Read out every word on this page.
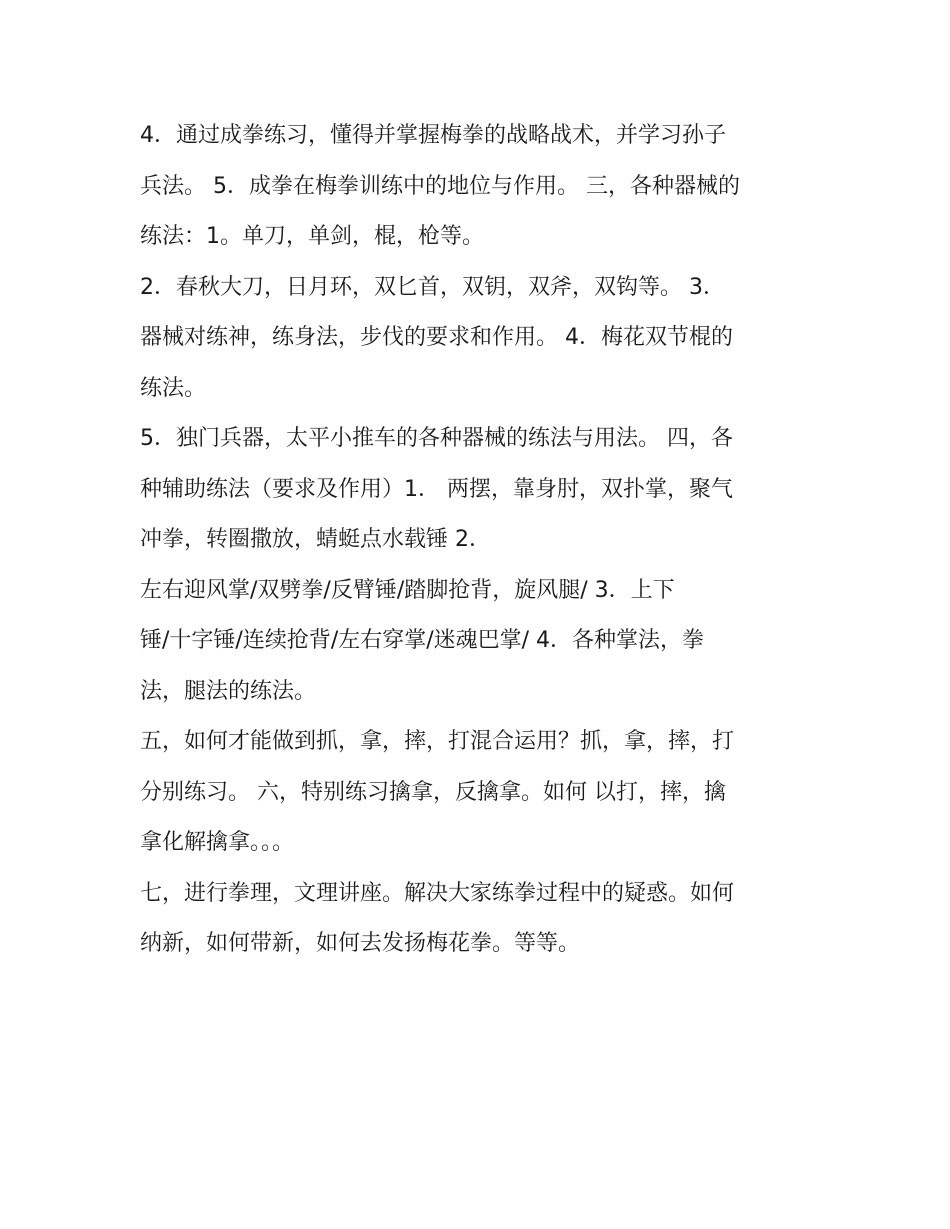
4．通过成拳练习，懂得并掌握梅拳的战略战术，并学习孙子
兵法。 5．成拳在梅拳训练中的地位与作用。 三，各种器械的
练法：1。单刀，单剑，棍，枪等。
2．春秋大刀，日月环，双匕首，双钥，双斧，双钩等。 3．
器械对练神，练身法，步伐的要求和作用。 4．梅花双节棍的
练法。
5．独门兵器，太平小推车的各种器械的练法与用法。 四，各
种辅助练法（要求及作用）1． 两摆，靠身肘，双扑掌，聚气
冲拳，转圈撒放，蜻蜓点水载锤 2．
左右迎风掌/双劈拳/反臂锤/踏脚抢背，旋风腿/ 3．上下
锤/十字锤/连续抢背/左右穿掌/迷魂巴掌/ 4．各种掌法，拳
法，腿法的练法。
五，如何才能做到抓，拿，摔，打混合运用？抓，拿，摔，打
分别练习。 六，特别练习擒拿，反擒拿。如何 以打，摔，擒
拿化解擒拿。。。
七，进行拳理，文理讲座。解决大家练拳过程中的疑惑。如何
纳新，如何带新，如何去发扬梅花拳。等等。
